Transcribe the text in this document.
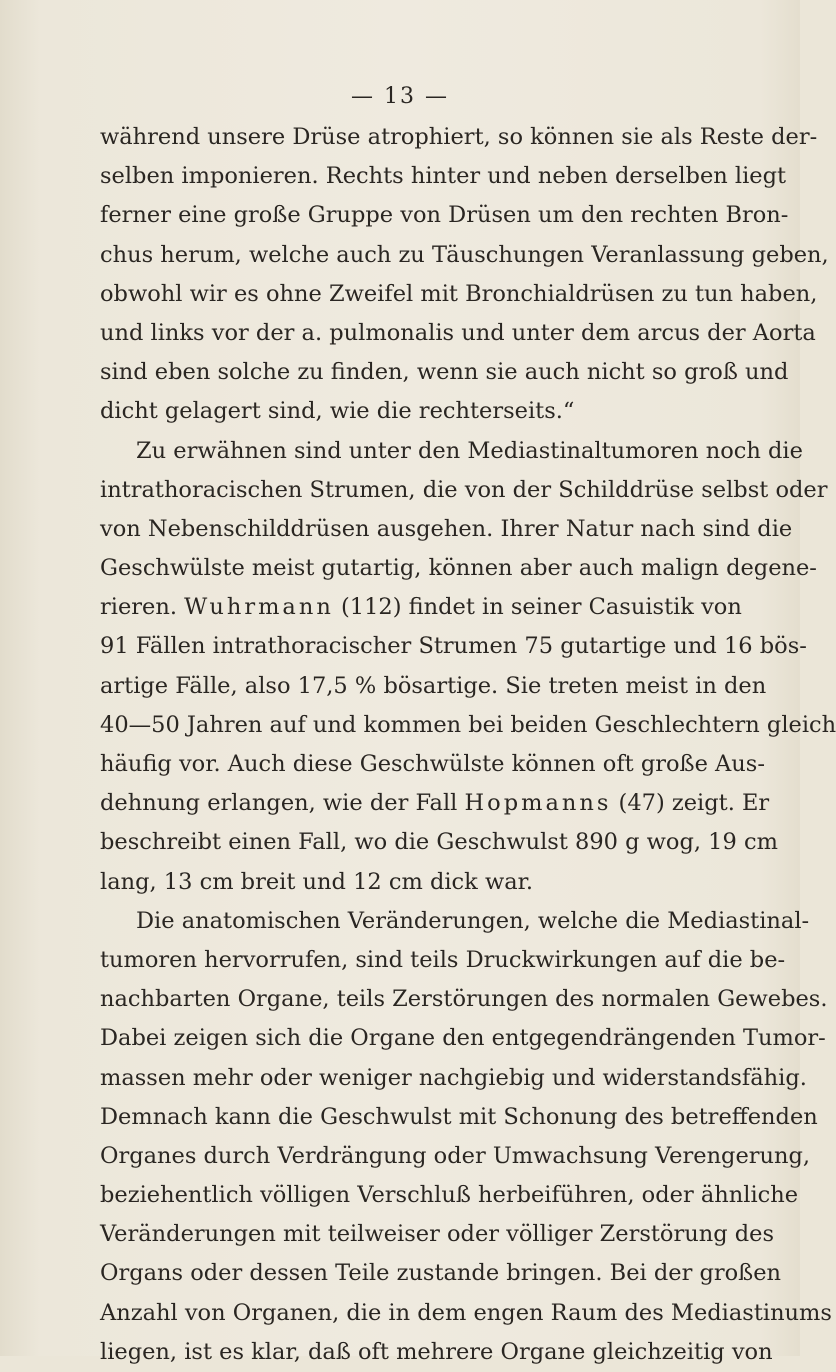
— 13 —
während unsere Drüse atrophiert, so können sie als Reste der-
selben imponieren. Rechts hinter und neben derselben liegt
ferner eine große Gruppe von Drüsen um den rechten Bron-
chus herum, welche auch zu Täuschungen Veranlassung geben,
obwohl wir es ohne Zweifel mit Bronchialdrüsen zu tun haben,
und links vor der a. pulmonalis und unter dem arcus der Aorta
sind eben solche zu finden, wenn sie auch nicht so groß und
dicht gelagert sind, wie die rechterseits.“
Zu erwähnen sind unter den Mediastinaltumoren noch die
intrathoracischen Strumen, die von der Schilddrüse selbst oder
von Nebenschilddrüsen ausgehen. Ihrer Natur nach sind die
Geschwülste meist gutartig, können aber auch malign degene-
rieren. Wuhrmann (112) findet in seiner Casuistik von
91 Fällen intrathoracischer Strumen 75 gutartige und 16 bös-
artige Fälle, also 17,5 % bösartige. Sie treten meist in den
40—50 Jahren auf und kommen bei beiden Geschlechtern gleich
häufig vor. Auch diese Geschwülste können oft große Aus-
dehnung erlangen, wie der Fall Hopmanns (47) zeigt. Er
beschreibt einen Fall, wo die Geschwulst 890 g wog, 19 cm
lang, 13 cm breit und 12 cm dick war.
Die anatomischen Veränderungen, welche die Mediastinal-
tumoren hervorrufen, sind teils Druckwirkungen auf die be-
nachbarten Organe, teils Zerstörungen des normalen Gewebes.
Dabei zeigen sich die Organe den entgegendrängenden Tumor-
massen mehr oder weniger nachgiebig und widerstandsfähig.
Demnach kann die Geschwulst mit Schonung des betreffenden
Organes durch Verdrängung oder Umwachsung Verengerung,
beziehentlich völligen Verschluß herbeiführen, oder ähnliche
Veränderungen mit teilweiser oder völliger Zerstörung des
Organs oder dessen Teile zustande bringen. Bei der großen
Anzahl von Organen, die in dem engen Raum des Mediastinums
liegen, ist es klar, daß oft mehrere Organe gleichzeitig von
